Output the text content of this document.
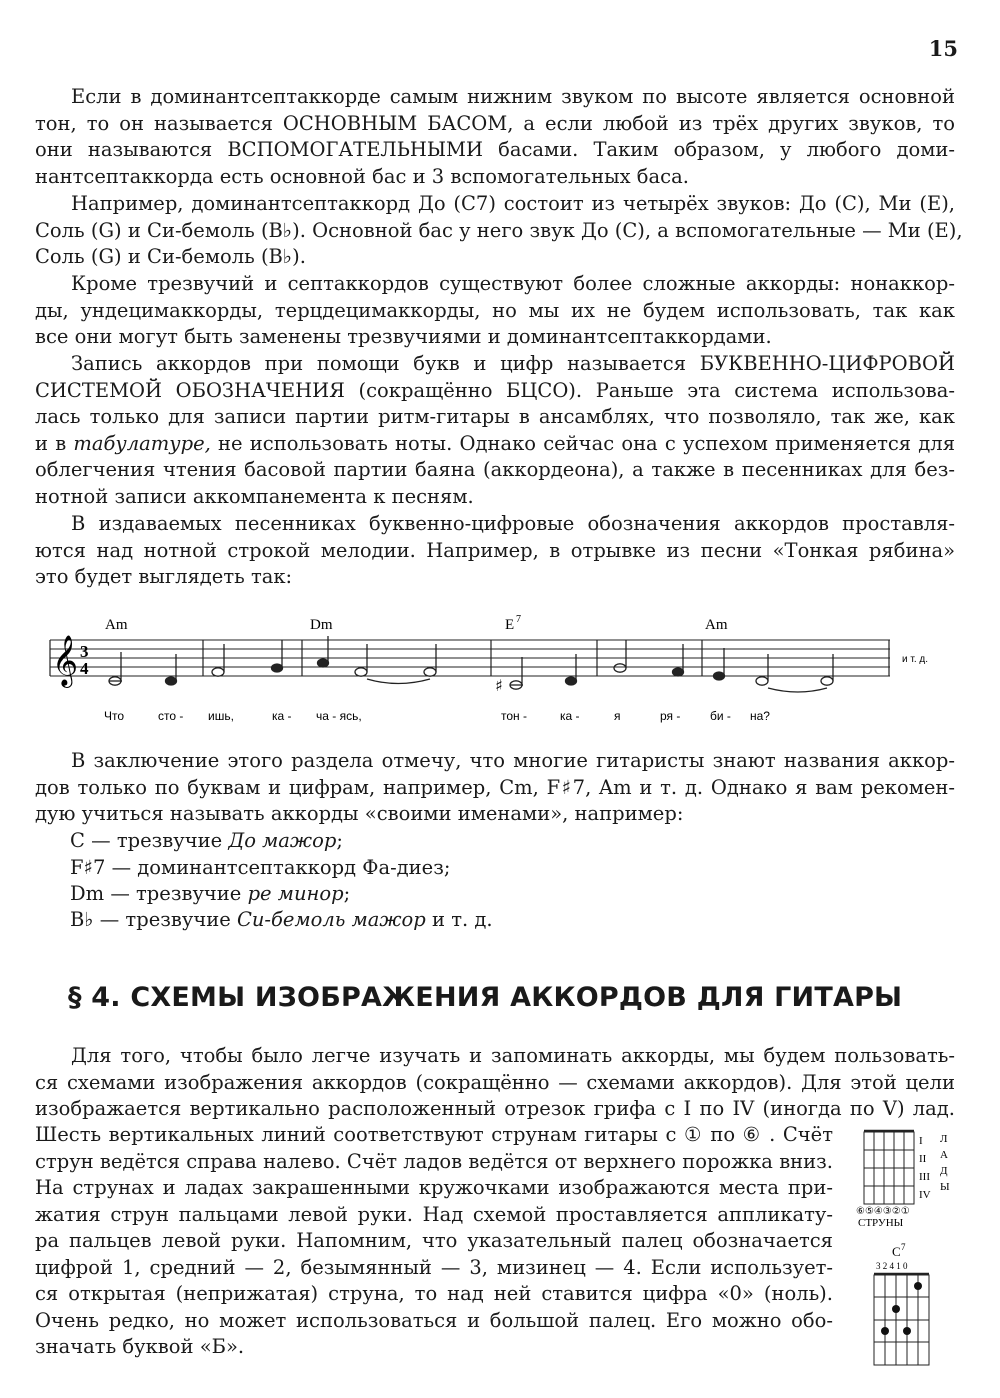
15
Если в доминантсептаккорде самым нижним звуком по высоте является основной
тон, то он называется ОСНОВНЫМ БАСОМ, а если любой из трёх других звуков, то
они называются ВСПОМОГАТЕЛЬНЫМИ басами. Таким образом, у любого доми-
нантсептаккорда есть основной бас и 3 вспомогательных баса.
Например, доминантсептаккорд До (C7) состоит из четырёх звуков: До (C), Ми (E),
Соль (G) и Си-бемоль (B♭). Основной бас у него звук До (C), а вспомогательные — Ми (E),
Соль (G) и Си-бемоль (B♭).
Кроме трезвучий и септаккордов существуют более сложные аккорды: нонаккор-
ды, ундецимаккорды, терцдецимаккорды, но мы их не будем использовать, так как
все они могут быть заменены трезвучиями и доминантсептаккордами.
Запись аккордов при помощи букв и цифр называется БУКВЕННО-ЦИФРОВОЙ
СИСТЕМОЙ ОБОЗНАЧЕНИЯ (сокращённо БЦСО). Раньше эта система использова-
лась только для записи партии ритм-гитары в ансамблях, что позволяло, так же, как
и в табулатуре, не использовать ноты. Однако сейчас она с успехом применяется для
облегчения чтения басовой партии баяна (аккордеона), а также в песенниках для без-
нотной записи аккомпанемента к песням.
В издаваемых песенниках буквенно-цифровые обозначения аккордов проставля-
ются над нотной строкой мелодии. Например, в отрывке из песни «Тонкая рябина»
это будет выглядеть так:
Am	Dm	E 7	Am
𝄞 3
4
♯
и т. д.
Что	сто - ишь,	ка - ча - ясь,	тон -	ка -	я	ря - би - на?
В заключение этого раздела отмечу, что многие гитаристы знают названия аккор-
дов только по буквам и цифрам, например, Cm, F♯7, Am и т. д. Однако я вам рекомен-
дую учиться называть аккорды «своими именами», например:
C — трезвучие До мажор;
F♯7 — доминантсептаккорд Фа-диез;
Dm — трезвучие ре минор;
B♭ — трезвучие Си-бемоль мажор и т. д.
§ 4. СХЕМЫ ИЗОБРАЖЕНИЯ АККОРДОВ ДЛЯ ГИТАРЫ
Для того, чтобы было легче изучать и запоминать аккорды, мы будем пользовать-
ся схемами изображения аккордов (сокращённо — схемами аккордов). Для этой цели
изображается вертикально расположенный отрезок грифа с I по IV (иногда по V) лад.
Шесть вертикальных линий соответствуют струнам гитары с ① по ⑥ . Счёт
струн ведётся справа налево. Счёт ладов ведётся от верхнего порожка вниз.
На струнах и ладах закрашенными кружочками изображаются места при-
жатия струн пальцами левой руки. Над схемой проставляется аппликату-
ра пальцев левой руки. Напомним, что указательный палец обозначается
цифрой 1, средний — 2, безымянный — 3, мизинец — 4. Если использует-
ся открытая (неприжатая) струна, то над ней ставится цифра «0» (ноль).
Очень редко, но может использоваться и большой палец. Его можно обо-
значать буквой «Б».
I
II
III
IV
Л
А
Д
Ы
⑥⑤④③②①
СТРУНЫ
C 7
3 2 4 1 0
